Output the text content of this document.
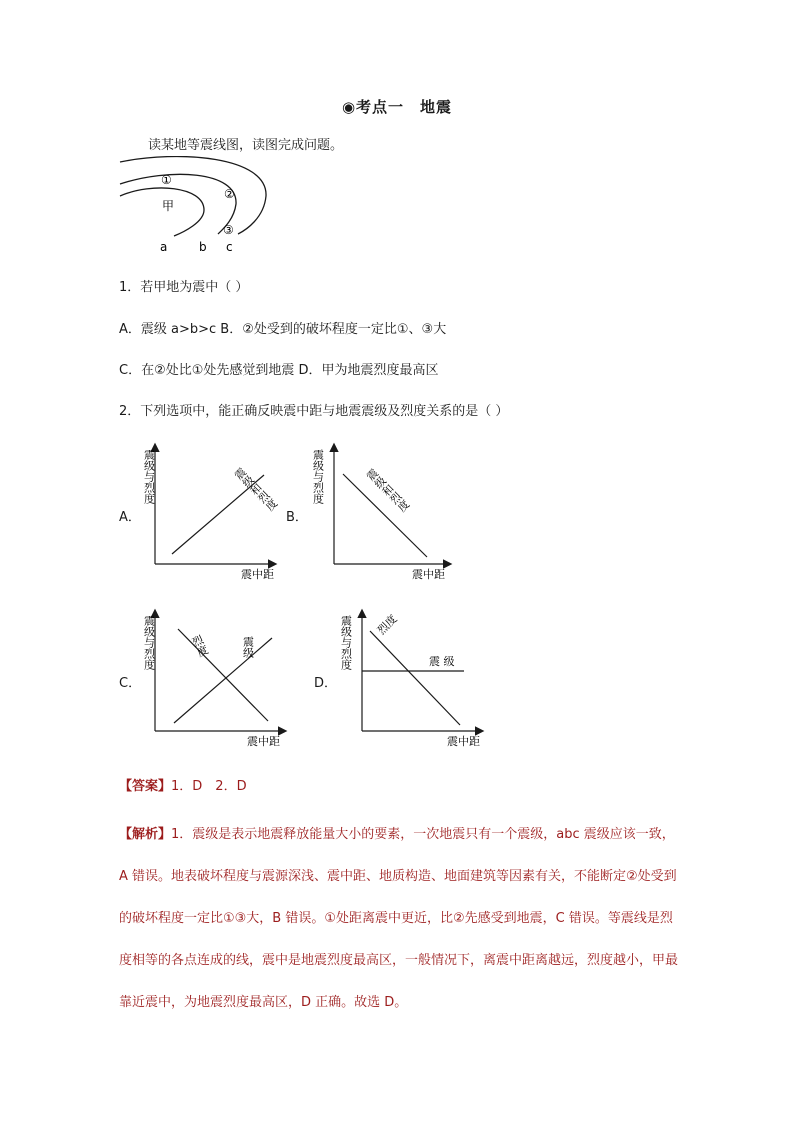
◉考点一　地震
读某地等震线图，读图完成问题。
①
②
③
甲
a	b c
1．若甲地为震中（ ）
A．震级 a>b>c B．②处受到的破坏程度一定比①、③大
C．在②处比①处先感觉到地震 D．甲为地震烈度最高区
2．下列选项中，能正确反映震中距与地震震级及烈度关系的是（ ）
A．	B．
C．	D．
震级与烈度
震中距
震级和烈度	震级与烈度
震中距
震级和烈度
震级与烈度
震中距
烈度	震级	震级与烈度
震中距
烈度
震 级
【答案】1．D　2．D
【解析】1．震级是表示地震释放能量大小的要素，一次地震只有一个震级，abc 震级应该一致，A 错误。地表破坏程度与震源深浅、震中距、地质构造、地面建筑等因素有关，不能断定②处受到的破坏程度一定比①③大，B 错误。①处距离震中更近，比②先感受到地震，C 错误。等震线是烈度相等的各点连成的线，震中是地震烈度最高区，一般情况下，离震中距离越远，烈度越小，甲最靠近震中，为地震烈度最高区，D 正确。故选 D。
